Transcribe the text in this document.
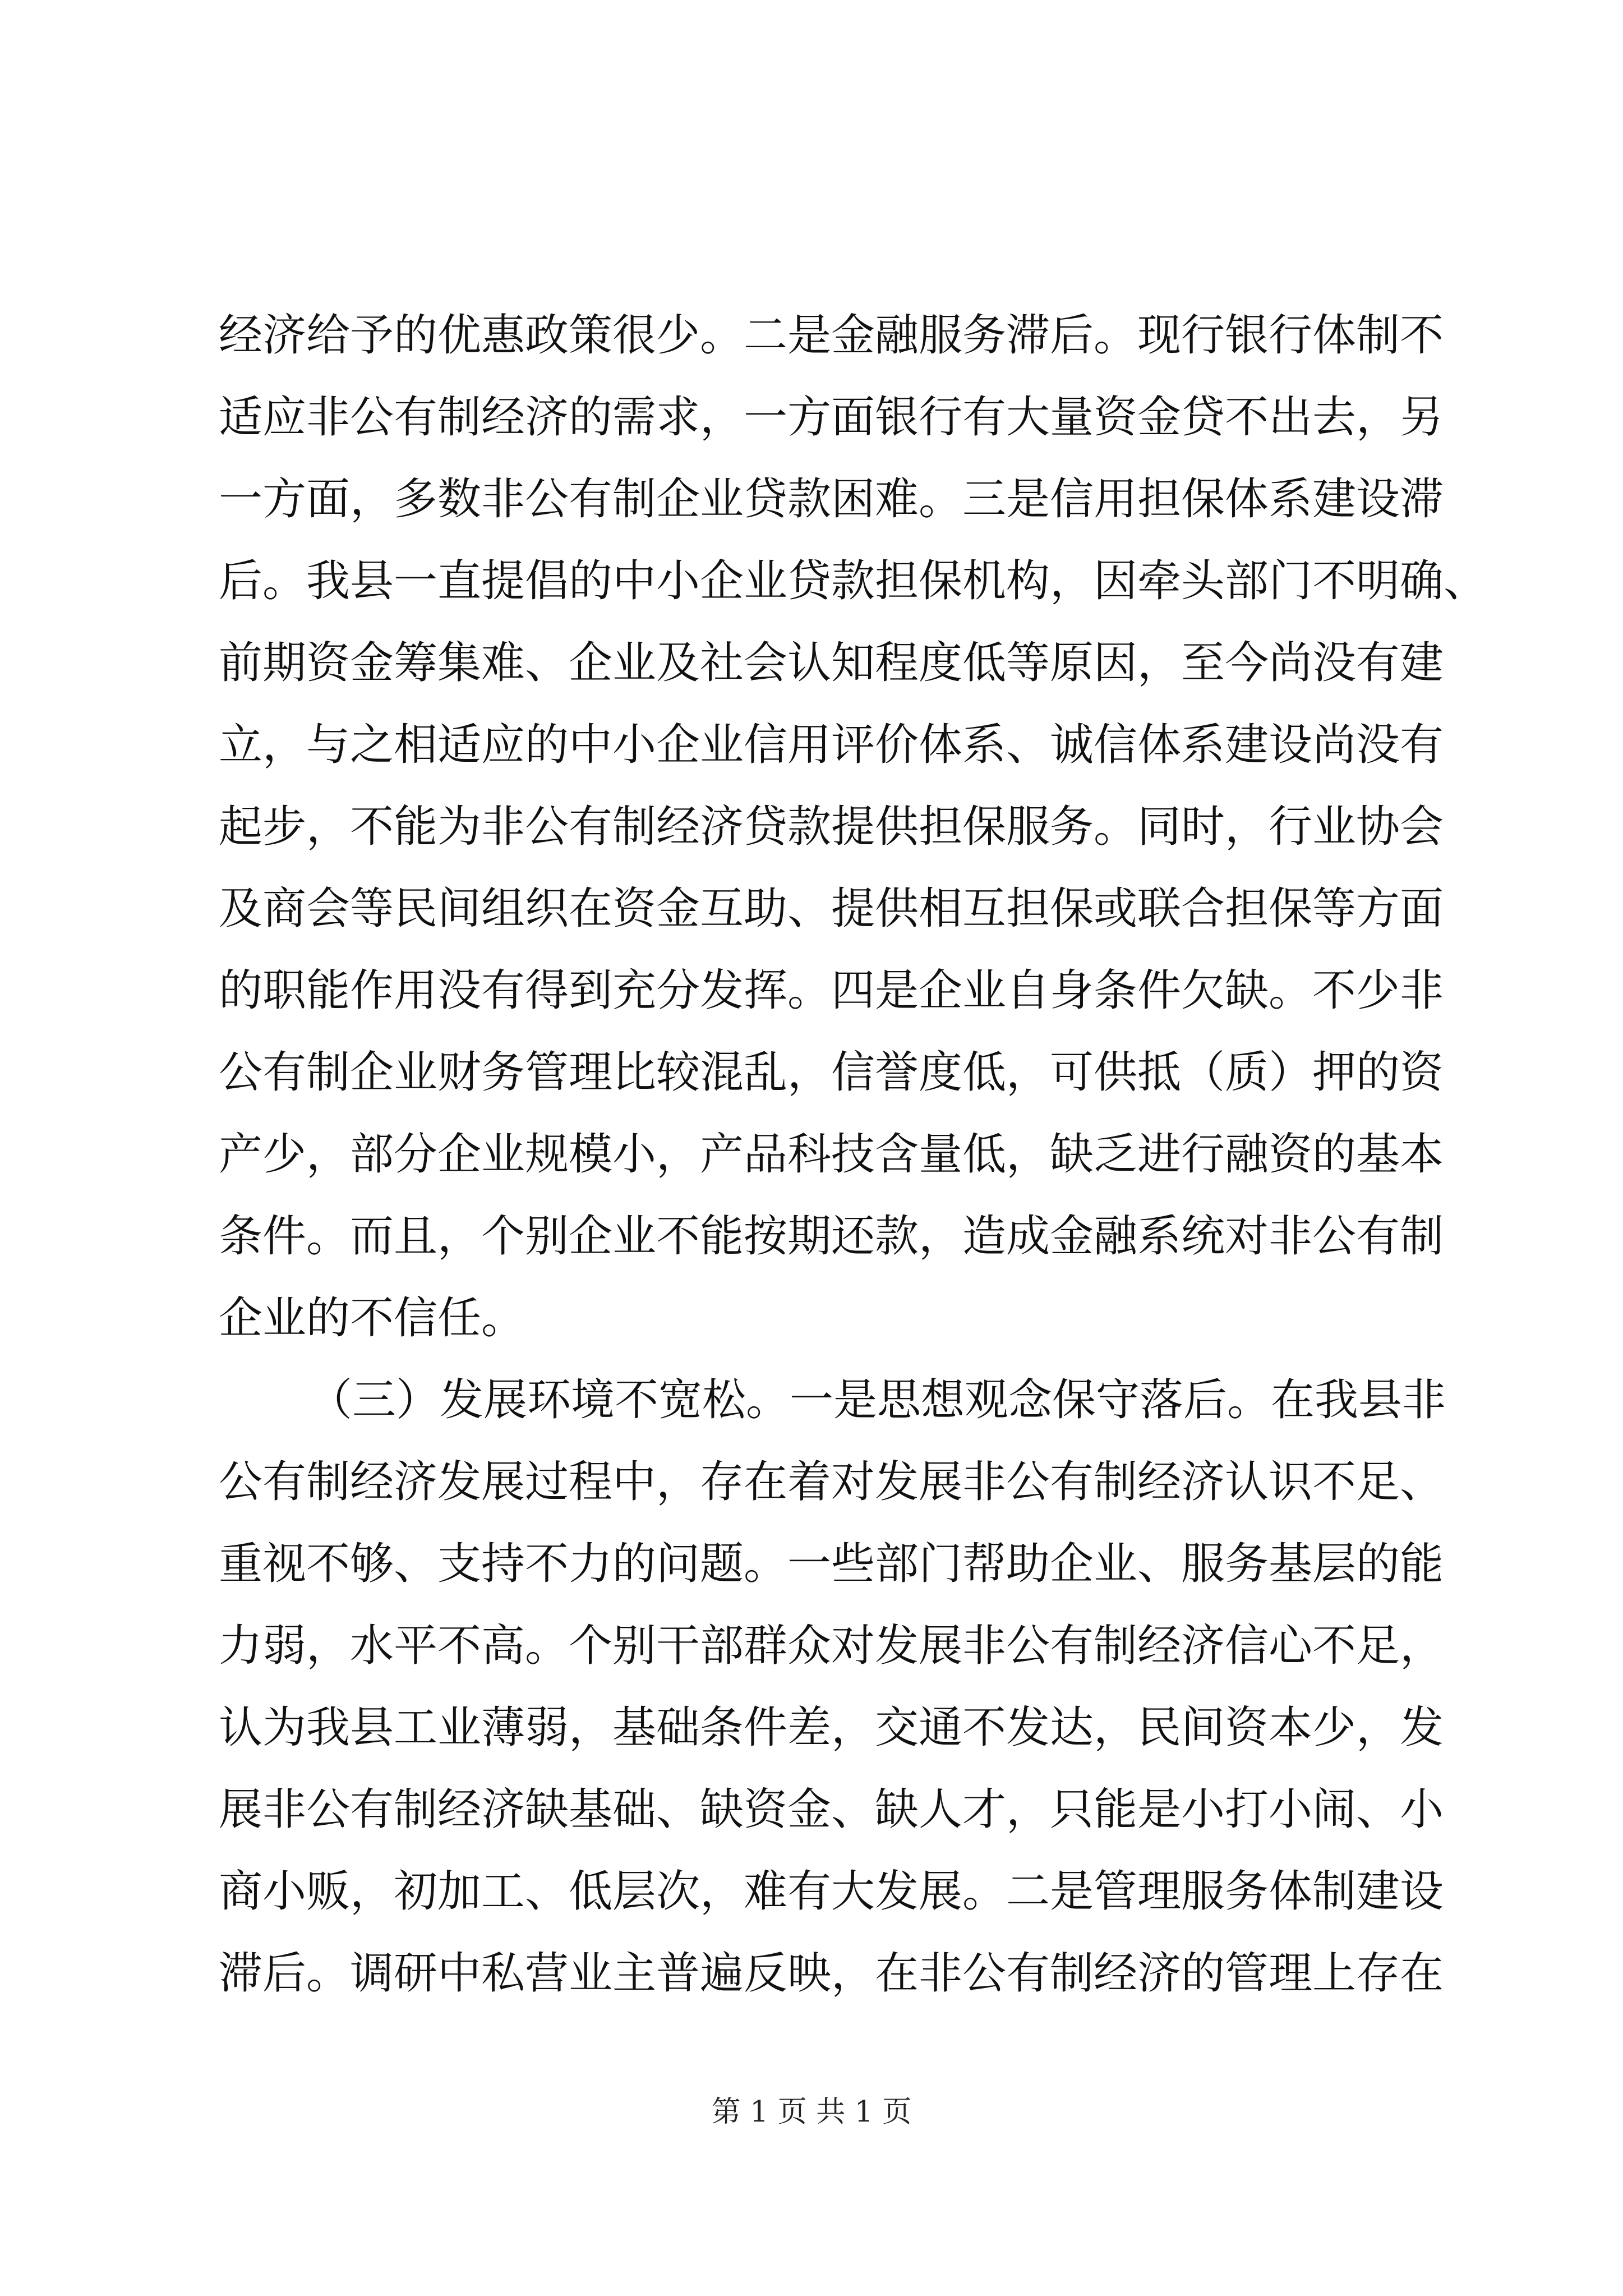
经济给予的优惠政策很少。二是金融服务滞后。现行银行体制不
适应非公有制经济的需求，一方面银行有大量资金贷不出去，另
一方面，多数非公有制企业贷款困难。三是信用担保体系建设滞
后。我县一直提倡的中小企业贷款担保机构，因牵头部门不明确、
前期资金筹集难、企业及社会认知程度低等原因，至今尚没有建
立，与之相适应的中小企业信用评价体系、诚信体系建设尚没有
起步，不能为非公有制经济贷款提供担保服务。同时，行业协会
及商会等民间组织在资金互助、提供相互担保或联合担保等方面
的职能作用没有得到充分发挥。四是企业自身条件欠缺。不少非
公有制企业财务管理比较混乱，信誉度低，可供抵（质）押的资
产少，部分企业规模小，产品科技含量低，缺乏进行融资的基本
条件。而且，个别企业不能按期还款，造成金融系统对非公有制
企业的不信任。
（三）发展环境不宽松。一是思想观念保守落后。在我县非
公有制经济发展过程中，存在着对发展非公有制经济认识不足、
重视不够、支持不力的问题。一些部门帮助企业、服务基层的能
力弱，水平不高。个别干部群众对发展非公有制经济信心不足，
认为我县工业薄弱，基础条件差，交通不发达，民间资本少，发
展非公有制经济缺基础、缺资金、缺人才，只能是小打小闹、小
商小贩，初加工、低层次，难有大发展。二是管理服务体制建设
滞后。调研中私营业主普遍反映，在非公有制经济的管理上存在
第 1 页 共 1 页
